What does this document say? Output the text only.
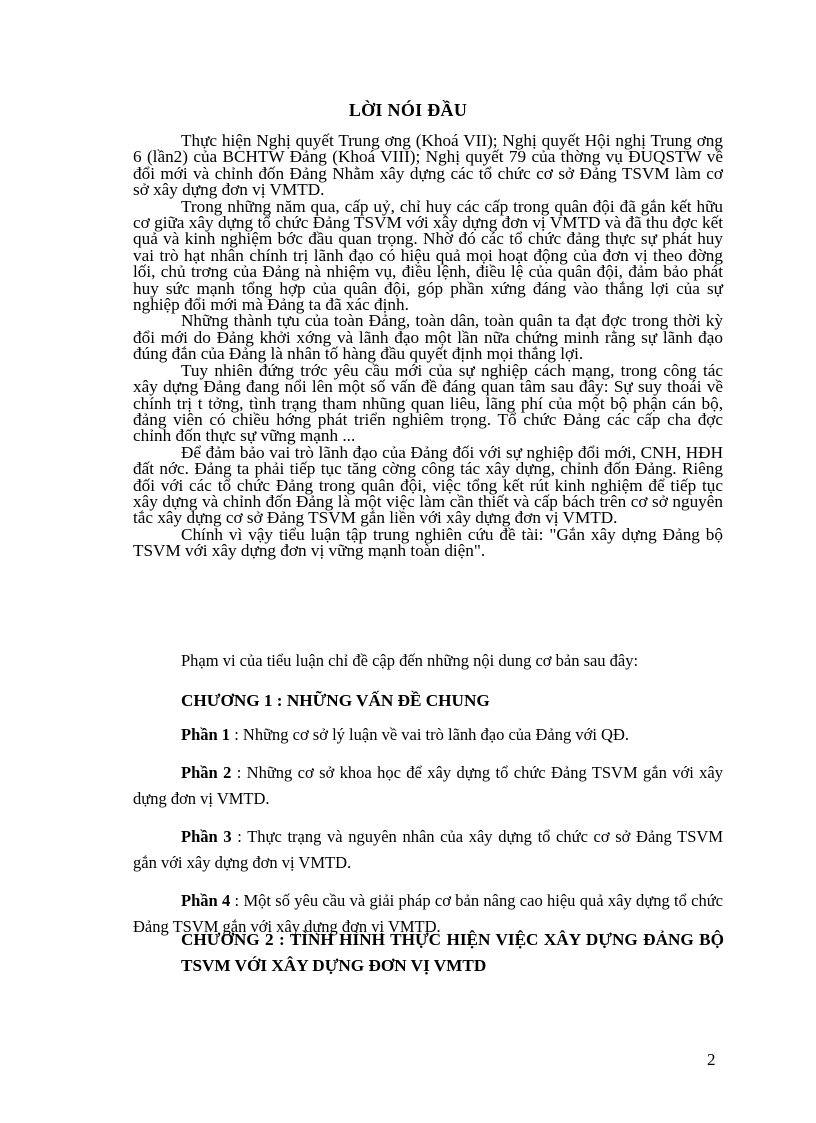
LỜI NÓI ĐẦU

Thực hiện Nghị quyết Trung ơng (Khoá VII); Nghị quyết Hội nghị Trung ơng 6 (lần2) của BCHTW Đảng (Khoá VIII); Nghị quyết 79 của thờng vụ ĐUQSTW về đổi mới và chỉnh đốn Đảng Nhằm xây dựng các tổ chức cơ sở Đảng TSVM làm cơ sở xây dựng đơn vị VMTD.

Trong những năm qua, cấp uỷ, chỉ huy các cấp trong quân đội đã gắn kết hữu cơ giữa xây dựng tổ chức Đảng TSVM với xây dựng đơn vị VMTD và đã thu đợc kết quả và kinh nghiệm bớc đầu quan trọng. Nhờ đó các tổ chức đảng thực sự phát huy vai trò hạt nhân chính trị lãnh đạo có hiệu quả mọi hoạt động của đơn vị theo đờng lối, chủ trơng của Đảng nà nhiệm vụ, điều lệnh, điều lệ của quân đội, đảm bảo phát huy sức mạnh tổng hợp của quân đội, góp phần xứng đáng vào thắng lợi của sự nghiệp đổi mới mà Đảng ta đã xác định.

Những thành tựu của toàn Đảng, toàn dân, toàn quân ta đạt đợc trong thời kỳ đổi mới do Đảng khởi xớng và lãnh đạo một lần nữa chứng minh rằng sự lãnh đạo đúng đắn của Đảng là nhân tố hàng đầu quyết định mọi thắng lợi.

Tuy nhiên đứng trớc yêu cầu mới của sự nghiệp cách mạng, trong công tác xây dựng Đảng đang nổi lên một số vấn đề đáng quan tâm sau đây: Sự suy thoái về chính trị t tởng, tình trạng tham nhũng quan liêu, lãng phí của một bộ phận cán bộ, đảng viên có chiều hớng phát triển nghiêm trọng. Tổ chức Đảng các cấp cha đợc chỉnh đốn thực sự vững mạnh ...

Để đảm bảo vai trò lãnh đạo của Đảng đối với sự nghiệp đổi mới, CNH, HĐH đất nớc. Đảng ta phải tiếp tục tăng cờng công tác xây dựng, chỉnh đốn Đảng. Riêng đối với các tổ chức Đảng trong quân đội, việc tổng kết rút kinh nghiệm để tiếp tục xây dựng và chỉnh đốn Đảng là một việc làm cần thiết và cấp bách trên cơ sở nguyên tắc xây dựng cơ sở Đảng TSVM gắn liền với xây dựng đơn vị VMTD.

Chính vì vậy tiểu luận tập trung nghiên cứu đề tài: "Gắn xây dựng Đảng bộ TSVM với xây dựng đơn vị vững mạnh toàn diện".

Phạm vi của tiểu luận chỉ đề cập đến những nội dung cơ bản sau đây:
CHƯƠNG 1 : NHỮNG VẤN ĐỀ CHUNG

Phần 1 : Những cơ sở lý luận về vai trò lãnh đạo của Đảng với QĐ.

Phần 2 : Những cơ sở khoa học để xây dựng tổ chức Đảng TSVM gắn với xây dựng đơn vị VMTD.

Phần 3 : Thực trạng và nguyên nhân của xây dựng tổ chức cơ sở Đảng TSVM gắn với xây dựng đơn vị VMTD.

Phần 4 : Một số yêu cầu và giải pháp cơ bản nâng cao hiệu quả xây dựng tổ chức Đảng TSVM gắn với xây dựng đơn vị VMTD.

CHƯƠNG 2 : TÌNH HÌNH THỰC HIỆN VIỆC XÂY DỰNG ĐẢNG BỘ TSVM VỚI XÂY DỰNG ĐƠN VỊ VMTD
2
